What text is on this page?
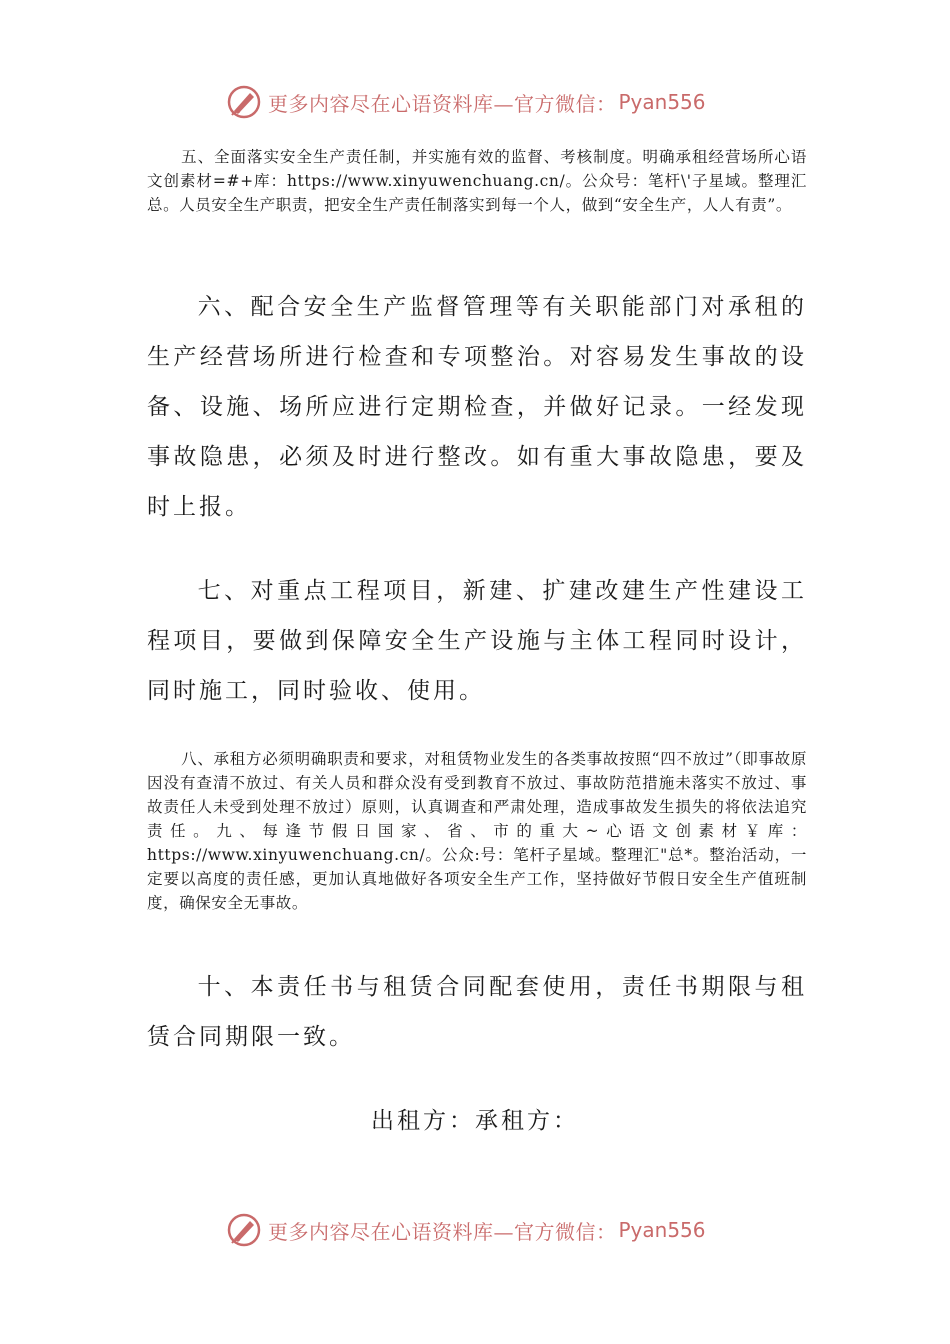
更多内容尽在心语资料库—官方微信： Pyan556

五、全面落实安全生产责任制，并实施有效的监督、考核制度。明确承租经营场所心语文创素材=#+库：https://www.xinyuwenchuang.cn/。公众号：笔杆\'子星域。整理汇总。人员安全生产职责，把安全生产责任制落实到每一个人，做到“安全生产，人人有责”。

六、配合安全生产监督管理等有关职能部门对承租的生产经营场所进行检查和专项整治。对容易发生事故的设备、设施、场所应进行定期检查，并做好记录。一经发现事故隐患，必须及时进行整改。如有重大事故隐患，要及时上报。

七、对重点工程项目，新建、扩建改建生产性建设工程项目，要做到保障安全生产设施与主体工程同时设计，同时施工，同时验收、使用。

八、承租方必须明确职责和要求，对租赁物业发生的各类事故按照“四不放过”（即事故原因没有查清不放过、有关人员和群众没有受到教育不放过、事故防范措施未落实不放过、事故责任人未受到处理不放过）原则，认真调查和严肃处理，造成事故发生损失的将依法追究责任。九、每逢节假日国家、省、市的重大~心语文创素材￥库：https://www.xinyuwenchuang.cn/。公众:号：笔杆子星域。整理汇"总*。整治活动，一定要以高度的责任感，更加认真地做好各项安全生产工作，坚持做好节假日安全生产值班制度，确保安全无事故。

十、本责任书与租赁合同配套使用，责任书期限与租赁合同期限一致。

出租方：承租方：

更多内容尽在心语资料库—官方微信： Pyan556
